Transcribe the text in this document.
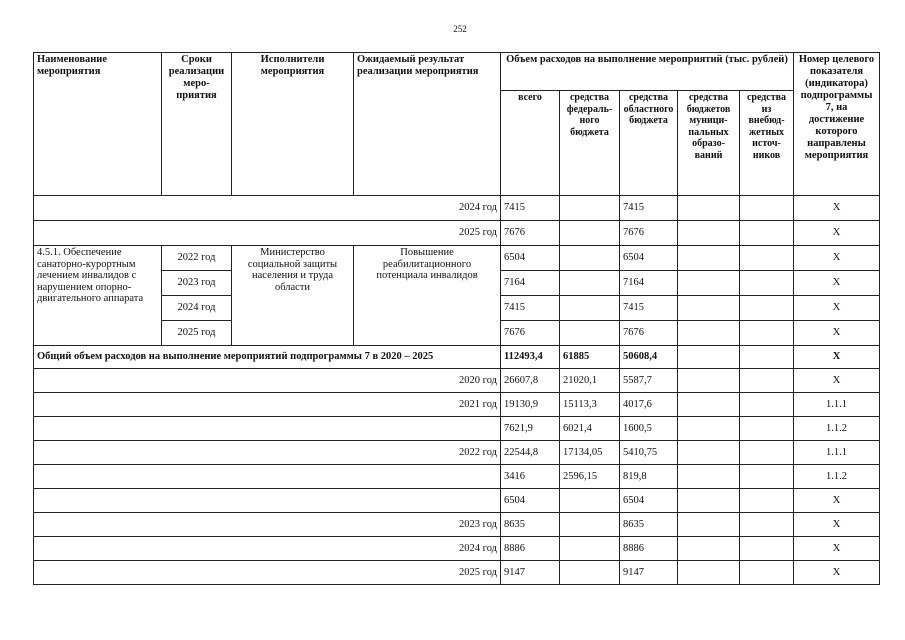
252
Наименование мероприятия	Сроки реализации меро-приятия	Исполнители мероприятия	Ожидаемый результат реализации мероприятия	Объем расходов на выполнение мероприятий (тыс. рублей)					Номер целевого показателя (индикатора) подпрограммы 7, на достижение которого направлены мероприятия
				всего	средства федераль-ного бюджета	средства областного бюджета	средства бюджетов муници-пальных образо-ваний	средства из внебюд-жетных источ-ников	
2024 год				7415		7415			X
2025 год				7676		7676			X
4.5.1. Обеспечение санаторно-курортным лечением инвалидов с нарушением опорно-двигательного аппарата	2022 год	Министерство социальной защиты населения и труда области	Повышение реабилитационного потенциала инвалидов	6504		6504			X
	2023 год			7164		7164			X
	2024 год			7415		7415			X
	2025 год			7676		7676			X
Общий объем расходов на выполнение мероприятий подпрограммы 7 в 2020 – 2025				112493,4	61885	50608,4			X
2020 год				26607,8	21020,1	5587,7			X
2021 год				19130,9	15113,3	4017,6			1.1.1
				7621,9	6021,4	1600,5			1.1.2
2022 год				22544,8	17134,05	5410,75			1.1.1
				3416	2596,15	819,8			1.1.2
				6504		6504			X
2023 год				8635		8635			X
2024 год				8886		8886			X
2025 год				9147		9147			X
